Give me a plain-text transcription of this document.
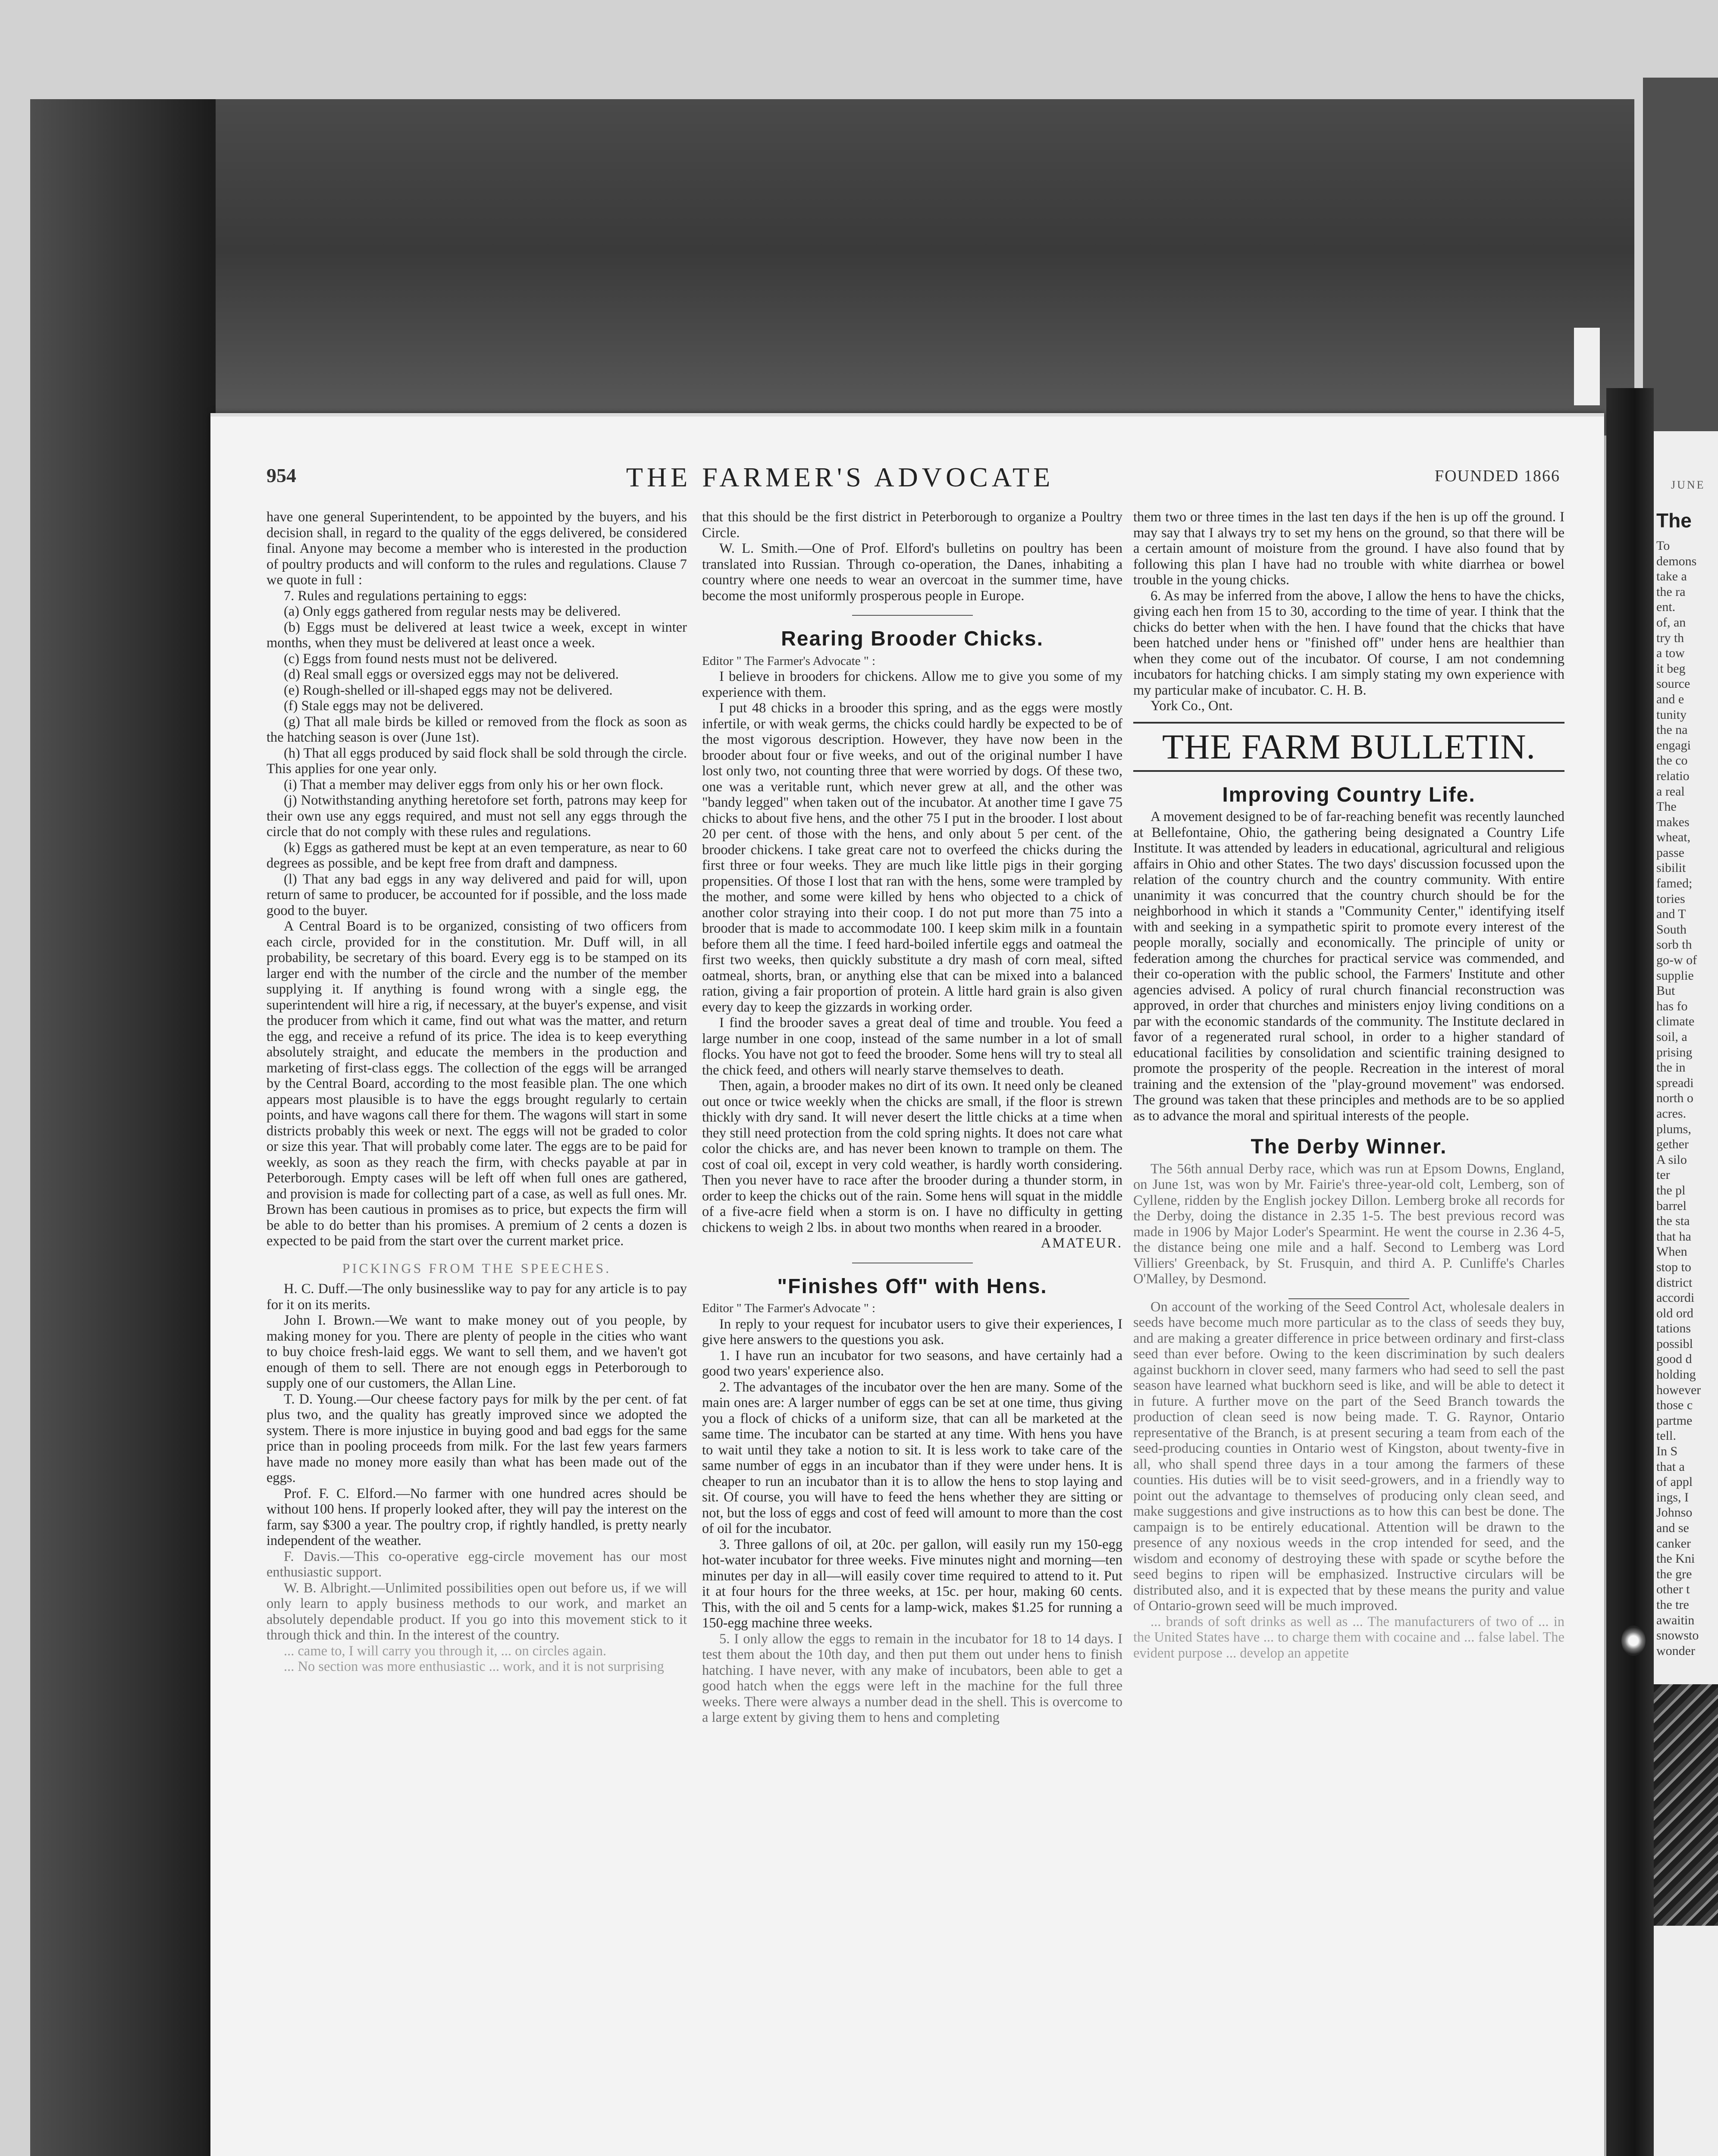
954	THE FARMER'S ADVOCATE	FOUNDED 1866

have one general Superintendent, to be appointed by the buyers, and his decision shall, in regard to the quality of the eggs delivered, be considered final. Anyone may become a member who is interested in the production of poultry products and will conform to the rules and regulations. Clause 7 we quote in full :

7. Rules and regulations pertaining to eggs:

(a) Only eggs gathered from regular nests may be delivered.

(b) Eggs must be delivered at least twice a week, except in winter months, when they must be delivered at least once a week.

(c) Eggs from found nests must not be delivered.

(d) Real small eggs or oversized eggs may not be delivered.

(e) Rough-shelled or ill-shaped eggs may not be delivered.

(f) Stale eggs may not be delivered.

(g) That all male birds be killed or removed from the flock as soon as the hatching season is over (June 1st).

(h) That all eggs produced by said flock shall be sold through the circle. This applies for one year only.

(i) That a member may deliver eggs from only his or her own flock.

(j) Notwithstanding anything heretofore set forth, patrons may keep for their own use any eggs required, and must not sell any eggs through the circle that do not comply with these rules and regulations.

(k) Eggs as gathered must be kept at an even temperature, as near to 60 degrees as possible, and be kept free from draft and dampness.

(l) That any bad eggs in any way delivered and paid for will, upon return of same to producer, be accounted for if possible, and the loss made good to the buyer.

A Central Board is to be organized, consisting of two officers from each circle, provided for in the constitution. Mr. Duff will, in all probability, be secretary of this board. Every egg is to be stamped on its larger end with the number of the circle and the number of the member supplying it. If anything is found wrong with a single egg, the superintendent will hire a rig, if necessary, at the buyer's expense, and visit the producer from which it came, find out what was the matter, and return the egg, and receive a refund of its price. The idea is to keep everything absolutely straight, and educate the members in the production and marketing of first-class eggs. The collection of the eggs will be arranged by the Central Board, according to the most feasible plan. The one which appears most plausible is to have the eggs brought regularly to certain points, and have wagons call there for them. The wagons will start in some districts probably this week or next. The eggs will not be graded to color or size this year. That will probably come later. The eggs are to be paid for weekly, as soon as they reach the firm, with checks payable at par in Peterborough. Empty cases will be left off when full ones are gathered, and provision is made for collecting part of a case, as well as full ones. Mr. Brown has been cautious in promises as to price, but expects the firm will be able to do better than his promises. A premium of 2 cents a dozen is expected to be paid from the start over the current market price.

PICKINGS FROM THE SPEECHES.

H. C. Duff.—The only businesslike way to pay for any article is to pay for it on its merits.

John I. Brown.—We want to make money out of you people, by making money for you. There are plenty of people in the cities who want to buy choice fresh-laid eggs. We want to sell them, and we haven't got enough of them to sell. There are not enough eggs in Peterborough to supply one of our customers, the Allan Line.

T. D. Young.—Our cheese factory pays for milk by the per cent. of fat plus two, and the quality has greatly improved since we adopted the system. There is more injustice in buying good and bad eggs for the same price than in pooling proceeds from milk. For the last few years farmers have made no money more easily than what has been made out of the eggs.

Prof. F. C. Elford.—No farmer with one hundred acres should be without 100 hens. If properly looked after, they will pay the interest on the farm, say $300 a year. The poultry crop, if rightly handled, is pretty nearly independent of the weather.

F. Davis.—This co-operative egg-circle movement has our most enthusiastic support.

W. B. Albright.—Unlimited possibilities open out before us, if we will only learn to apply business methods to our work, and market an absolutely dependable product. If you go into this movement stick to it through thick and thin. In the interest of the country.

... came to, I will carry you through it, ... on circles again.

... No section was more enthusiastic ... work, and it is not surprising

that this should be the first district in Peterborough to organize a Poultry Circle.

W. L. Smith.—One of Prof. Elford's bulletins on poultry has been translated into Russian. Through co-operation, the Danes, inhabiting a country where one needs to wear an overcoat in the summer time, have become the most uniformly prosperous people in Europe.

Rearing Brooder Chicks.

Editor " The Farmer's Advocate " :

I believe in brooders for chickens. Allow me to give you some of my experience with them.

I put 48 chicks in a brooder this spring, and as the eggs were mostly infertile, or with weak germs, the chicks could hardly be expected to be of the most vigorous description. However, they have now been in the brooder about four or five weeks, and out of the original number I have lost only two, not counting three that were worried by dogs. Of these two, one was a veritable runt, which never grew at all, and the other was "bandy legged" when taken out of the incubator. At another time I gave 75 chicks to about five hens, and the other 75 I put in the brooder. I lost about 20 per cent. of those with the hens, and only about 5 per cent. of the brooder chickens. I take great care not to overfeed the chicks during the first three or four weeks. They are much like little pigs in their gorging propensities. Of those I lost that ran with the hens, some were trampled by the mother, and some were killed by hens who objected to a chick of another color straying into their coop. I do not put more than 75 into a brooder that is made to accommodate 100. I keep skim milk in a fountain before them all the time. I feed hard-boiled infertile eggs and oatmeal the first two weeks, then quickly substitute a dry mash of corn meal, sifted oatmeal, shorts, bran, or anything else that can be mixed into a balanced ration, giving a fair proportion of protein. A little hard grain is also given every day to keep the gizzards in working order.

I find the brooder saves a great deal of time and trouble. You feed a large number in one coop, instead of the same number in a lot of small flocks. You have not got to feed the brooder. Some hens will try to steal all the chick feed, and others will nearly starve themselves to death.

Then, again, a brooder makes no dirt of its own. It need only be cleaned out once or twice weekly when the chicks are small, if the floor is strewn thickly with dry sand. It will never desert the little chicks at a time when they still need protection from the cold spring nights. It does not care what color the chicks are, and has never been known to trample on them. The cost of coal oil, except in very cold weather, is hardly worth considering. Then you never have to race after the brooder during a thunder storm, in order to keep the chicks out of the rain. Some hens will squat in the middle of a five-acre field when a storm is on. I have no difficulty in getting chickens to weigh 2 lbs. in about two months when reared in a brooder.

AMATEUR.

"Finishes Off" with Hens.

Editor " The Farmer's Advocate " :

In reply to your request for incubator users to give their experiences, I give here answers to the questions you ask.

1. I have run an incubator for two seasons, and have certainly had a good two years' experience also.

2. The advantages of the incubator over the hen are many. Some of the main ones are: A larger number of eggs can be set at one time, thus giving you a flock of chicks of a uniform size, that can all be marketed at the same time. The incubator can be started at any time. With hens you have to wait until they take a notion to sit. It is less work to take care of the same number of eggs in an incubator than if they were under hens. It is cheaper to run an incubator than it is to allow the hens to stop laying and sit. Of course, you will have to feed the hens whether they are sitting or not, but the loss of eggs and cost of feed will amount to more than the cost of oil for the incubator.

3. Three gallons of oil, at 20c. per gallon, will easily run my 150-egg hot-water incubator for three weeks. Five minutes night and morning—ten minutes per day in all—will easily cover time required to attend to it. Put it at four hours for the three weeks, at 15c. per hour, making 60 cents. This, with the oil and 5 cents for a lamp-wick, makes $1.25 for running a 150-egg machine three weeks.

5. I only allow the eggs to remain in the incubator for 18 to 14 days. I test them about the 10th day, and then put them out under hens to finish hatching. I have never, with any make of incubators, been able to get a good hatch when the eggs were left in the machine for the full three weeks. There were always a number dead in the shell. This is overcome to a large extent by giving them to hens and completing

them two or three times in the last ten days if the hen is up off the ground. I may say that I always try to set my hens on the ground, so that there will be a certain amount of moisture from the ground. I have also found that by following this plan I have had no trouble with white diarrhea or bowel trouble in the young chicks.

6. As may be inferred from the above, I allow the hens to have the chicks, giving each hen from 15 to 30, according to the time of year. I think that the chicks do better when with the hen. I have found that the chicks that have been hatched under hens or "finished off" under hens are healthier than when they come out of the incubator. Of course, I am not condemning incubators for hatching chicks. I am simply stating my own experience with my particular make of incubator. C. H. B.

York Co., Ont.

THE FARM BULLETIN.
Improving Country Life.

A movement designed to be of far-reaching benefit was recently launched at Bellefontaine, Ohio, the gathering being designated a Country Life Institute. It was attended by leaders in educational, agricultural and religious affairs in Ohio and other States. The two days' discussion focussed upon the relation of the country church and the country community. With entire unanimity it was concurred that the country church should be for the neighborhood in which it stands a "Community Center," identifying itself with and seeking in a sympathetic spirit to promote every interest of the people morally, socially and economically. The principle of unity or federation among the churches for practical service was commended, and their co-operation with the public school, the Farmers' Institute and other agencies advised. A policy of rural church financial reconstruction was approved, in order that churches and ministers enjoy living conditions on a par with the economic standards of the community. The Institute declared in favor of a regenerated rural school, in order to a higher standard of educational facilities by consolidation and scientific training designed to promote the prosperity of the people. Recreation in the interest of moral training and the extension of the "play-ground movement" was endorsed. The ground was taken that these principles and methods are to be so applied as to advance the moral and spiritual interests of the people.

The Derby Winner.

The 56th annual Derby race, which was run at Epsom Downs, England, on June 1st, was won by Mr. Fairie's three-year-old colt, Lemberg, son of Cyllene, ridden by the English jockey Dillon. Lemberg broke all records for the Derby, doing the distance in 2.35 1-5. The best previous record was made in 1906 by Major Loder's Spearmint. He went the course in 2.36 4-5, the distance being one mile and a half. Second to Lemberg was Lord Villiers' Greenback, by St. Frusquin, and third A. P. Cunliffe's Charles O'Malley, by Desmond.

On account of the working of the Seed Control Act, wholesale dealers in seeds have become much more particular as to the class of seeds they buy, and are making a greater difference in price between ordinary and first-class seed than ever before. Owing to the keen discrimination by such dealers against buckhorn in clover seed, many farmers who had seed to sell the past season have learned what buckhorn seed is like, and will be able to detect it in future. A further move on the part of the Seed Branch towards the production of clean seed is now being made. T. G. Raynor, Ontario representative of the Branch, is at present securing a team from each of the seed-producing counties in Ontario west of Kingston, about twenty-five in all, who shall spend three days in a tour among the farmers of these counties. His duties will be to visit seed-growers, and in a friendly way to point out the advantage to themselves of producing only clean seed, and make suggestions and give instructions as to how this can best be done. The campaign is to be entirely educational. Attention will be drawn to the presence of any noxious weeds in the crop intended for seed, and the wisdom and economy of destroying these with spade or scythe before the seed begins to ripen will be emphasized. Instructive circulars will be distributed also, and it is expected that by these means the purity and value of Ontario-grown seed will be much improved.

... brands of soft drinks as well as ... The manufacturers of two of ... in the United States have ... to charge them with cocaine and ... false label. The evident purpose ... develop an appetite

JUNE
The
To
demons
take a
the ra
ent.
of, an
try th
a tow
it beg
source
and e
tunity
the na
engagi
the co
relatio
a real
The
makes
wheat,
passe
sibilit
famed;
tories
and T
South
sorb th
go-w of
supplie
But
has fo
climate
soil, a
prising
the in
spreadi
north o
acres.
plums,
gether
A silo
ter
the pl
barrel
the sta
that ha
When
stop to
district
accordi
old ord
tations
possibl
good d
holding
however
those c
partme
tell.
In S
that a
of appl
ings, I
Johnso
and se
canker
the Kni
the gre
other t
the tre
awaitin
snowsto
wonder
